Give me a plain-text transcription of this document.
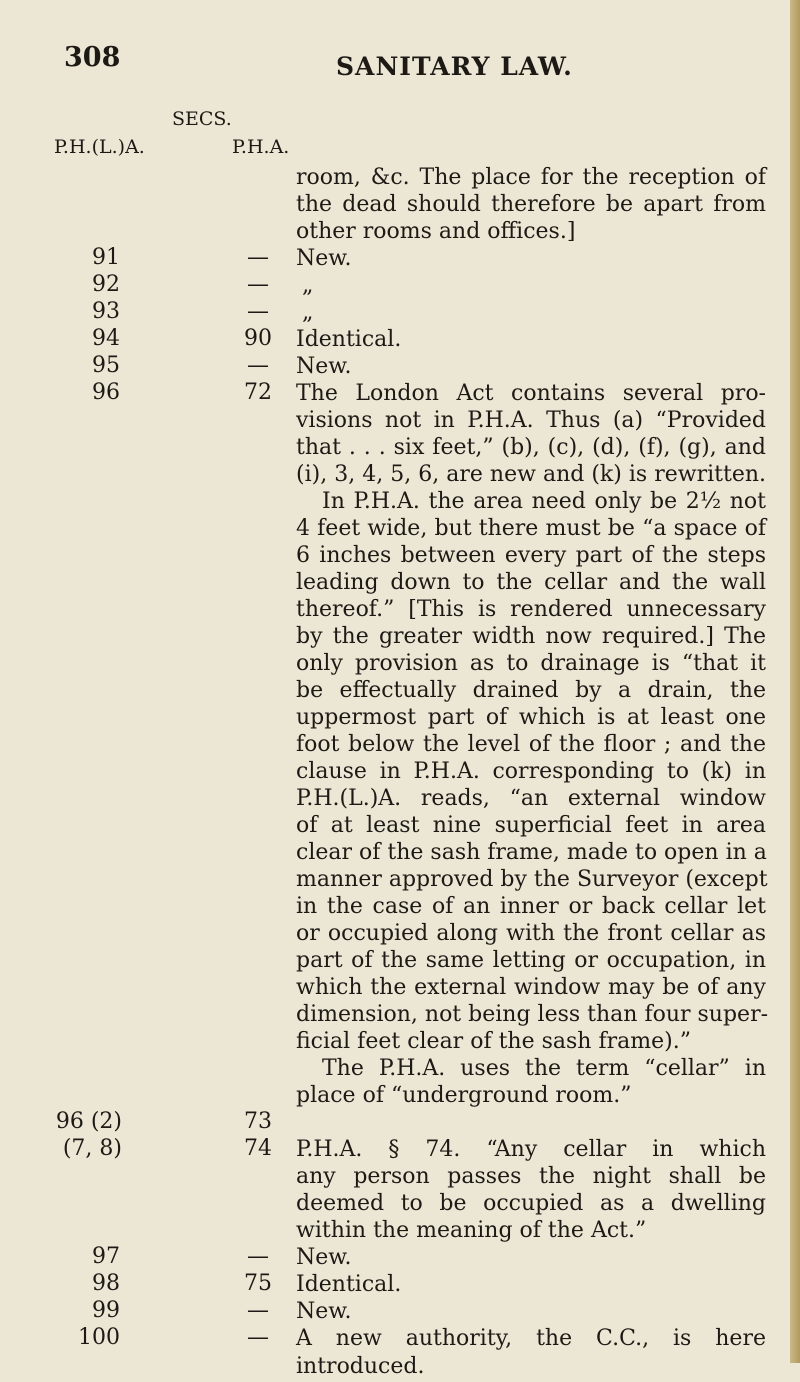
308	SANITARY LAW.
SECS.
P.H.(L.)A.	P.H.A.
room, &c. The place for the reception of
the dead should therefore be apart from
other rooms and offices.]
91	—	New.
92	—	„
93	—	„
94	90	Identical.
95	—	New.
96	72	The London Act contains several pro-
visions not in P.H.A. Thus (a) “Provided
that . . . six feet,” (b), (c), (d), (f), (g), and
(i), 3, 4, 5, 6, are new and (k) is rewritten.
In P.H.A. the area need only be 2½ not
4 feet wide, but there must be “a space of
6 inches between every part of the steps
leading down to the cellar and the wall
thereof.” [This is rendered unnecessary
by the greater width now required.] The
only provision as to drainage is “that it
be effectually drained by a drain, the
uppermost part of which is at least one
foot below the level of the floor ; and the
clause in P.H.A. corresponding to (k) in
P.H.(L.)A. reads, “an external window
of at least nine superficial feet in area
clear of the sash frame, made to open in a
manner approved by the Surveyor (except
in the case of an inner or back cellar let
or occupied along with the front cellar as
part of the same letting or occupation, in
which the external window may be of any
dimension, not being less than four super-
ficial feet clear of the sash frame).”
The P.H.A. uses the term “cellar” in
place of “underground room.”
96 (2)	73
(7, 8)	74	P.H.A. § 74. “Any cellar in which
any person passes the night shall be
deemed to be occupied as a dwelling
within the meaning of the Act.”
97	—	New.
98	75	Identical.
99	—	New.
100	—	A new authority, the C.C., is here
introduced.
